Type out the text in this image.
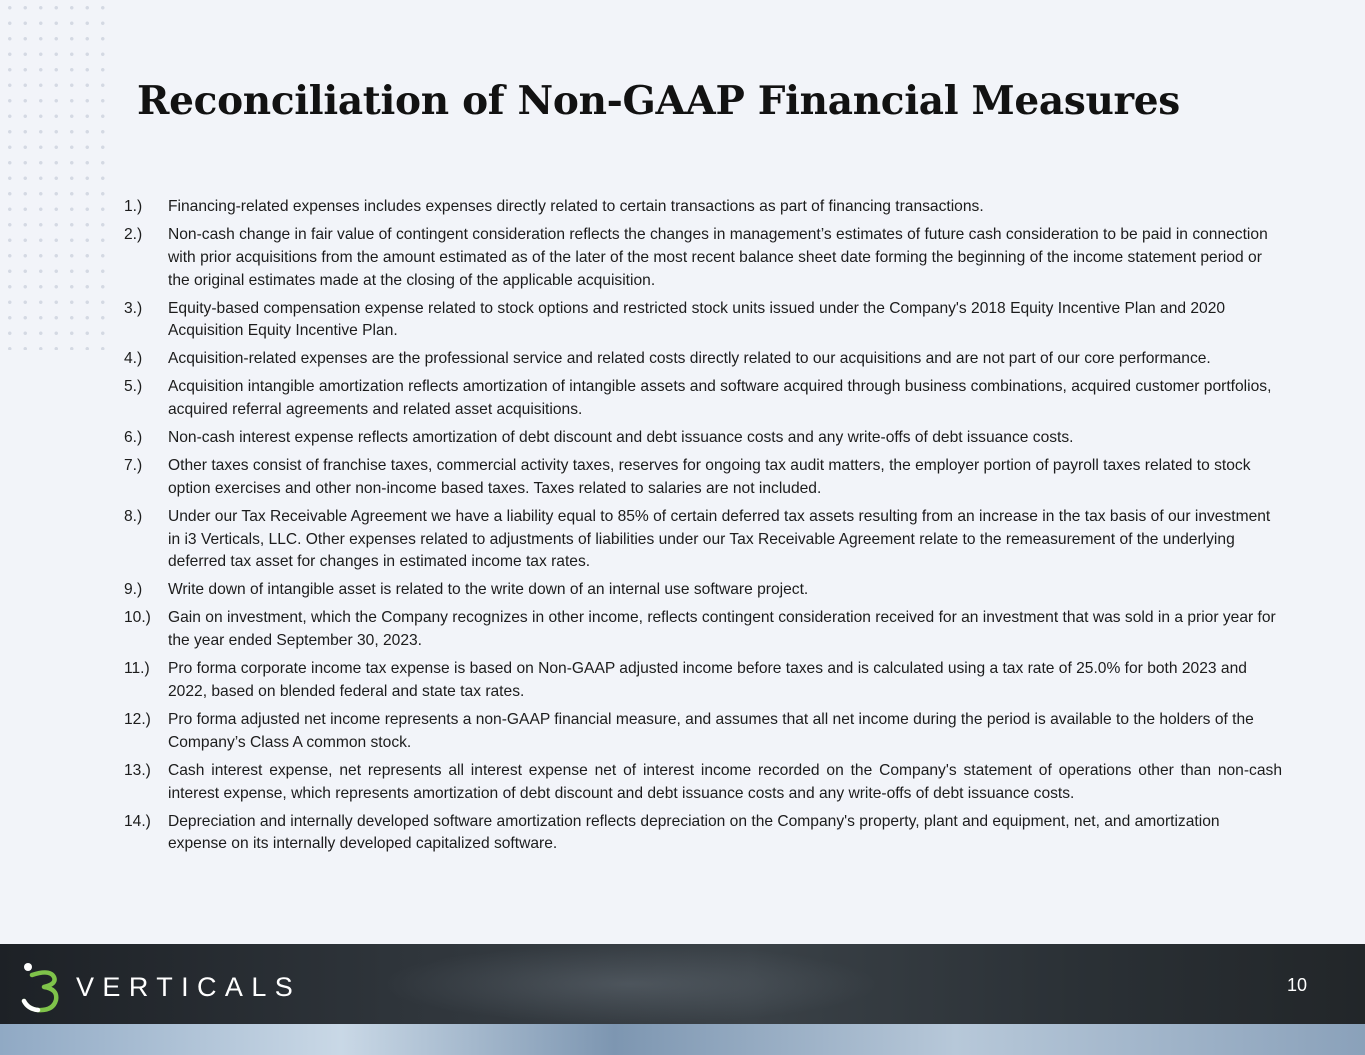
Reconciliation of Non-GAAP Financial Measures
1.)	Financing-related expenses includes expenses directly related to certain transactions as part of financing transactions.
2.)	Non-cash change in fair value of contingent consideration reflects the changes in management’s estimates of future cash consideration to be paid in connection with prior acquisitions from the amount estimated as of the later of the most recent balance sheet date forming the beginning of the income statement period or the original estimates made at the closing of the applicable acquisition.
3.)	Equity-based compensation expense related to stock options and restricted stock units issued under the Company's 2018 Equity Incentive Plan and 2020 Acquisition Equity Incentive Plan.
4.)	Acquisition-related expenses are the professional service and related costs directly related to our acquisitions and are not part of our core performance.
5.)	Acquisition intangible amortization reflects amortization of intangible assets and software acquired through business combinations, acquired customer portfolios, acquired referral agreements and related asset acquisitions.
6.)	Non-cash interest expense reflects amortization of debt discount and debt issuance costs and any write-offs of debt issuance costs.
7.)	Other taxes consist of franchise taxes, commercial activity taxes, reserves for ongoing tax audit matters, the employer portion of payroll taxes related to stock option exercises and other non-income based taxes. Taxes related to salaries are not included.
8.)	Under our Tax Receivable Agreement we have a liability equal to 85% of certain deferred tax assets resulting from an increase in the tax basis of our investment in i3 Verticals, LLC. Other expenses related to adjustments of liabilities under our Tax Receivable Agreement relate to the remeasurement of the underlying deferred tax asset for changes in estimated income tax rates.
9.)	Write down of intangible asset is related to the write down of an internal use software project.
10.)	Gain on investment, which the Company recognizes in other income, reflects contingent consideration received for an investment that was sold in a prior year for the year ended September 30, 2023.
11.)	Pro forma corporate income tax expense is based on Non-GAAP adjusted income before taxes and is calculated using a tax rate of 25.0% for both 2023 and 2022, based on blended federal and state tax rates.
12.)	Pro forma adjusted net income represents a non-GAAP financial measure, and assumes that all net income during the period is available to the holders of the Company’s Class A common stock.
13.)	Cash interest expense, net represents all interest expense net of interest income recorded on the Company's statement of operations other than non-cash interest expense, which represents amortization of debt discount and debt issuance costs and any write-offs of debt issuance costs.
14.)	Depreciation and internally developed software amortization reflects depreciation on the Company's property, plant and equipment, net, and amortization expense on its internally developed capitalized software.
VERTICALS	10
